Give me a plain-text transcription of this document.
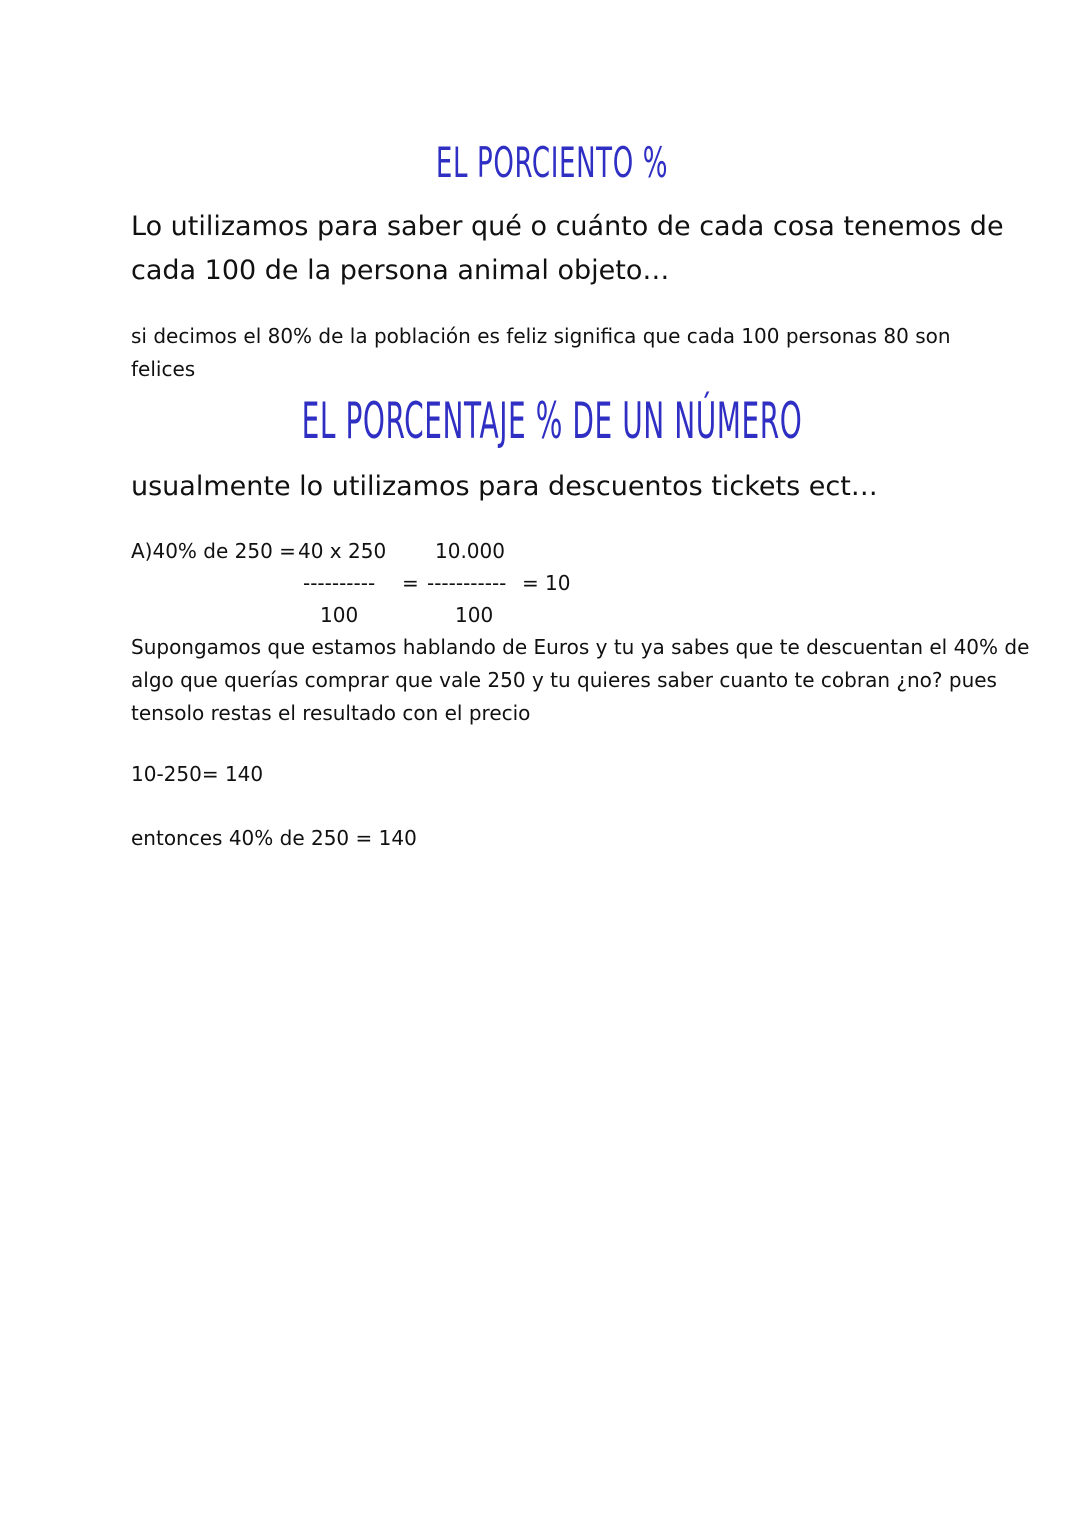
EL PORCIENTO %
Lo utilizamos para saber qué o cuánto de cada cosa tenemos de
cada 100 de la persona animal objeto…
si decimos el 80% de la población es feliz significa que cada 100 personas 80 son
felices
EL PORCENTAJE % DE UN NÚMERO
usualmente lo utilizamos para descuentos tickets ect…
A)40% de 250 = 40 x 250 10.000
---------- = ----------- = 10
100	100
Supongamos que estamos hablando de Euros y tu ya sabes que te descuentan el 40% de
algo que querías comprar que vale 250 y tu quieres saber cuanto te cobran ¿no? pues
tensolo restas el resultado con el precio
10-250= 140
entonces 40% de 250 = 140
